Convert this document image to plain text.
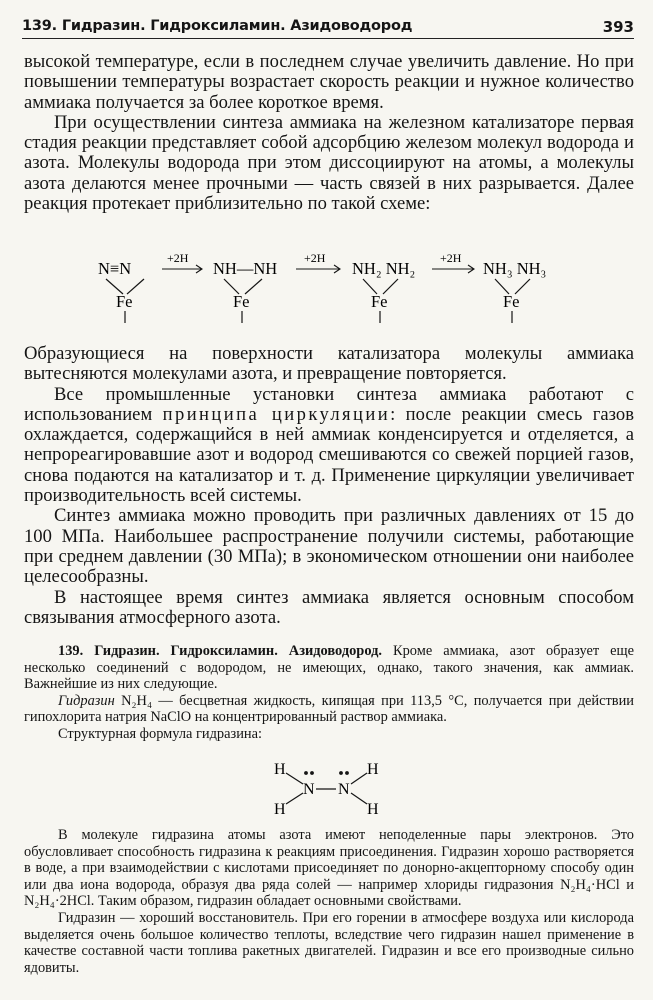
139. Гидразин. Гидроксиламин. Азидоводород	393

высокой температуре, если в последнем случае увеличить давление. Но при повышении температуры возрастает скорость реакции и нужное количество аммиака получается за более короткое время.

При осуществлении синтеза аммиака на железном катализаторе первая стадия реакции представляет собой адсорбцию железом молекул водорода и азота. Молекулы водорода при этом диссоциируют на атомы, а молекулы азота делаются менее прочными — часть связей в них разрывается. Далее реакция протекает приблизительно по такой схеме:

N≡N
Fe
+2H
NH—NH
Fe
+2H
NH₂ NH₂
Fe
+2H
NH₃ NH₃
Fe

Образующиеся на поверхности катализатора молекулы аммиака вытесняются молекулами азота, и превращение повторяется.

Все промышленные установки синтеза аммиака работают с использованием принципа циркуляции: после реакции смесь газов охлаждается, содержащийся в ней аммиак конденсируется и отделяется, а непрореагировавшие азот и водород смешиваются со свежей порцией газов, снова подаются на катализатор и т. д. Применение циркуляции увеличивает производительность всей системы.

Синтез аммиака можно проводить при различных давлениях от 15 до 100 МПа. Наибольшее распространение получили системы, работающие при среднем давлении (30 МПа); в экономическом отношении они наиболее целесообразны.

В настоящее время синтез аммиака является основным способом связывания атмосферного азота.

139. Гидразин. Гидроксиламин. Азидоводород. Кроме аммиака, азот образует еще несколько соединений с водородом, не имеющих, однако, такого значения, как аммиак. Важнейшие из них следующие.

Гидразин N₂H₄ — бесцветная жидкость, кипящая при 113,5 °С, получается при действии гипохлорита натрия NaClO на концентрированный раствор аммиака.

Структурная формула гидразина:

H
H
H
H
N N

В молекуле гидразина атомы азота имеют неподеленные пары электронов. Это обусловливает способность гидразина к реакциям присоединения. Гидразин хорошо растворяется в воде, а при взаимодействии с кислотами присоединяет по донорно-акцепторному способу один или два иона водорода, образуя два ряда солей — например хлориды гидразония N₂H₄·HCl и N₂H₄·2HCl. Таким образом, гидразин обладает основными свойствами.

Гидразин — хороший восстановитель. При его горении в атмосфере воздуха или кислорода выделяется очень большое количество теплоты, вследствие чего гидразин нашел применение в качестве составной части топлива ракетных двигателей. Гидразин и все его производные сильно ядовиты.
